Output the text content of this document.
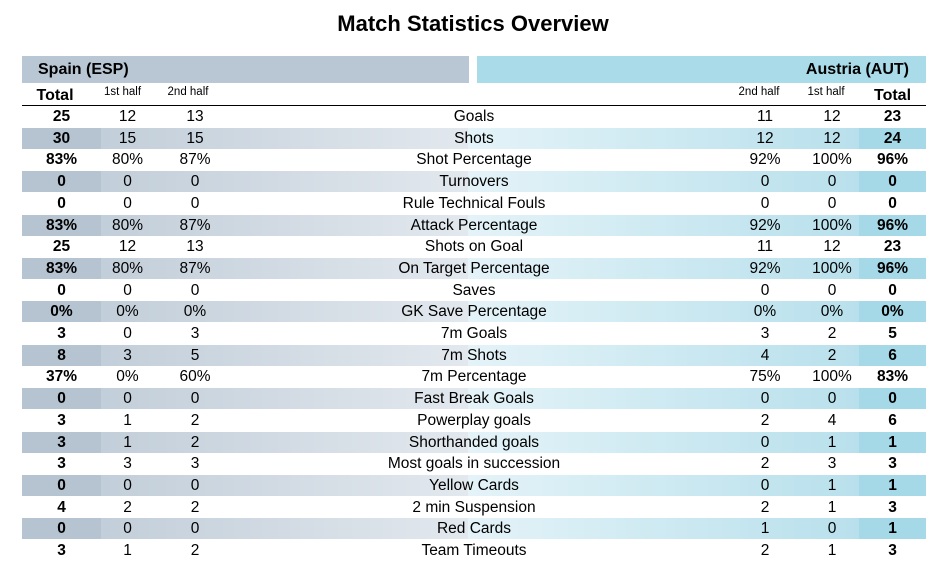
Match Statistics Overview
Spain (ESP)	Austria (AUT)
Total	1st half	2nd half	2nd half	1st half	Total
25	12	13	Goals	11	12	23
30	15	15	Shots	12	12	24
83%	80%	87%	Shot Percentage	92%	100%	96%
0	0	0	Turnovers	0	0	0
0	0	0	Rule Technical Fouls	0	0	0
83%	80%	87%	Attack Percentage	92%	100%	96%
25	12	13	Shots on Goal	11	12	23
83%	80%	87%	On Target Percentage	92%	100%	96%
0	0	0	Saves	0	0	0
0%	0%	0%	GK Save Percentage	0%	0%	0%
3	0	3	7m Goals	3	2	5
8	3	5	7m Shots	4	2	6
37%	0%	60%	7m Percentage	75%	100%	83%
0	0	0	Fast Break Goals	0	0	0
3	1	2	Powerplay goals	2	4	6
3	1	2	Shorthanded goals	0	1	1
3	3	3	Most goals in succession	2	3	3
0	0	0	Yellow Cards	0	1	1
4	2	2	2 min Suspension	2	1	3
0	0	0	Red Cards	1	0	1
3	1	2	Team Timeouts	2	1	3
